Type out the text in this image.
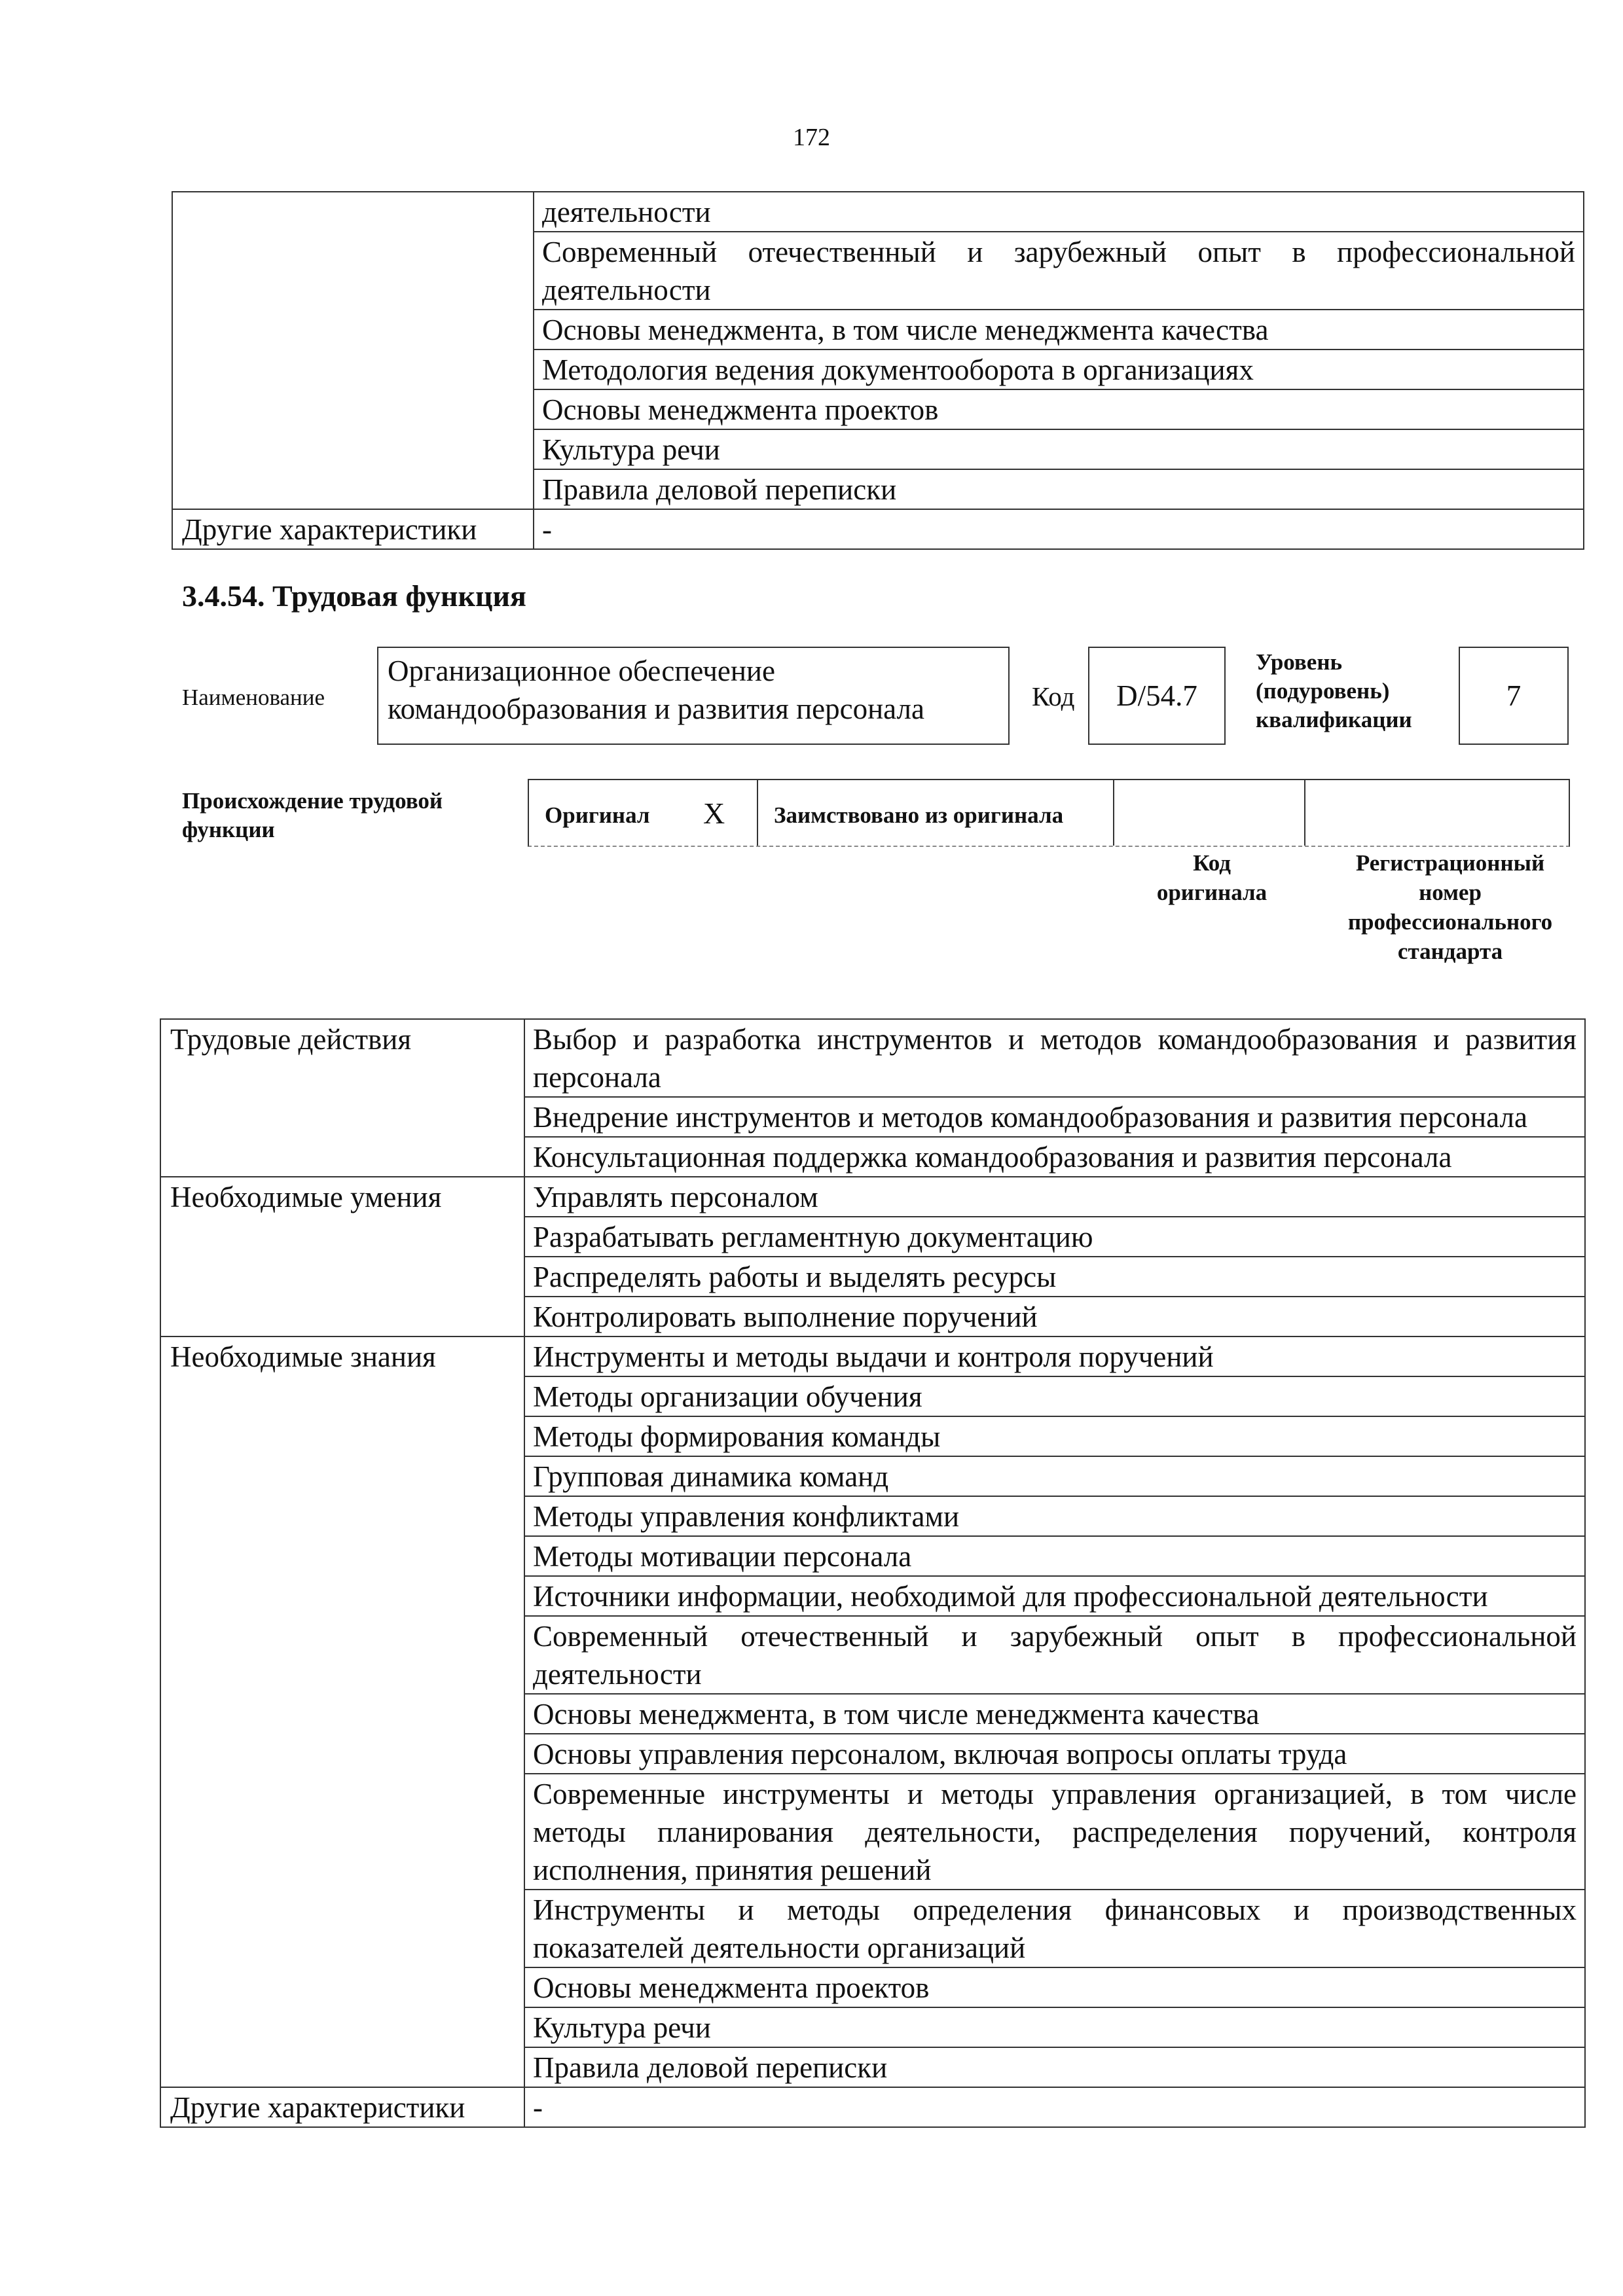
172
	деятельности
	Современный отечественный и зарубежный опыт в профессиональной деятельности
	Основы менеджмента, в том числе менеджмента качества
	Методология ведения документооборота в организациях
	Основы менеджмента проектов
	Культура речи
	Правила деловой переписки
Другие характеристики	-
3.4.54. Трудовая функция
Наименование
Организационное обеспечение командообразования и развития персонала	Код D/54.7
Уровень (подуровень) квалификации
7
Происхождение трудовой функции
Оригинал X Заимствовано из оригинала
Код оригинала
Регистрационный номер профессионального стандарта
Трудовые действия	Выбор и разработка инструментов и методов командообразования и развития персонала
	Внедрение инструментов и методов командообразования и развития персонала
	Консультационная поддержка командообразования и развития персонала
Необходимые умения	Управлять персоналом
	Разрабатывать регламентную документацию
	Распределять работы и выделять ресурсы
	Контролировать выполнение поручений
Необходимые знания	Инструменты и методы выдачи и контроля поручений
	Методы организации обучения
	Методы формирования команды
	Групповая динамика команд
	Методы управления конфликтами
	Методы мотивации персонала
	Источники информации, необходимой для профессиональной деятельности
	Современный отечественный и зарубежный опыт в профессиональной деятельности
	Основы менеджмента, в том числе менеджмента качества
	Основы управления персоналом, включая вопросы оплаты труда
	Современные инструменты и методы управления организацией, в том числе методы планирования деятельности, распределения поручений, контроля исполнения, принятия решений
	Инструменты и методы определения финансовых и производственных показателей деятельности организаций
	Основы менеджмента проектов
	Культура речи
	Правила деловой переписки
Другие характеристики	-
